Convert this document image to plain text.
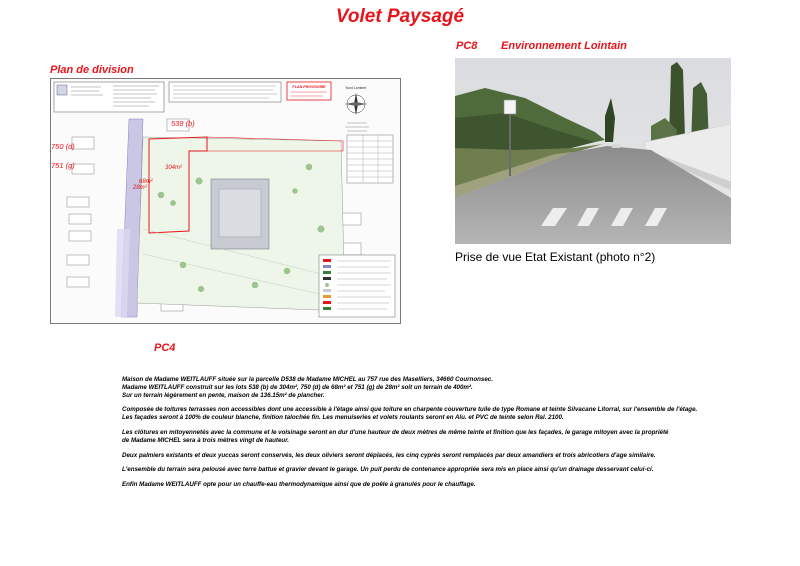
Volet Paysagé
Plan de division
PLAN PROVISOIRE	Nord Lambert
538 (b)
750 (d)
751 (g)	304m²
68m²
28m²
PC8 Environnement Lointain
Prise de vue Etat Existant (photo n°2)
PC4

Maison de Madame WEITLAUFF située sur la parcelle D538 de Madame MICHEL au 757 rue des Maselliers, 34660 Cournonsec.
Madame WEITLAUFF construit sur les lots 538 (b) de 304m², 750 (d) de 68m² et 751 (g) de 28m² soit un terrain de 400m².
Sur un terrain légèrement en pente, maison de 136.15m² de plancher.

Composée de toitures terrasses non accessibles dont une accessible à l'étage ainsi que toiture en charpente couverture tuile de type Romane et teinte Silvacane Litorral, sur l'ensemble de l'étage.
Les façades seront à 100% de couleur blanche, finition talochée fin. Les menuiseries et volets roulants seront en Alu. et PVC de teinte selon Ral. 2100.

Les clôtures en mitoyennetés avec la commune et le voisinage seront en dur d'une hauteur de deux mètres de même teinte et finition que les façades, le garage mitoyen avec la propriété
de Madame MICHEL sera à trois mètres vingt de hauteur.

Deux palmiers existants et deux yuccas seront conservés, les deux oliviers seront déplacés, les cinq cyprès seront remplacés par deux amandiers et trois abricotiers d'age similaire.

L'ensemble du terrain sera pelousé avec terre battue et gravier devant le garage. Un puit perdu de contenance appropriée sera mis en place ainsi qu'un drainage desservant celui-ci.

Enfin Madame WEITLAUFF opte pour un chauffe-eau thermodynamique ainsi que de poêle à granulés pour le chauffage.
